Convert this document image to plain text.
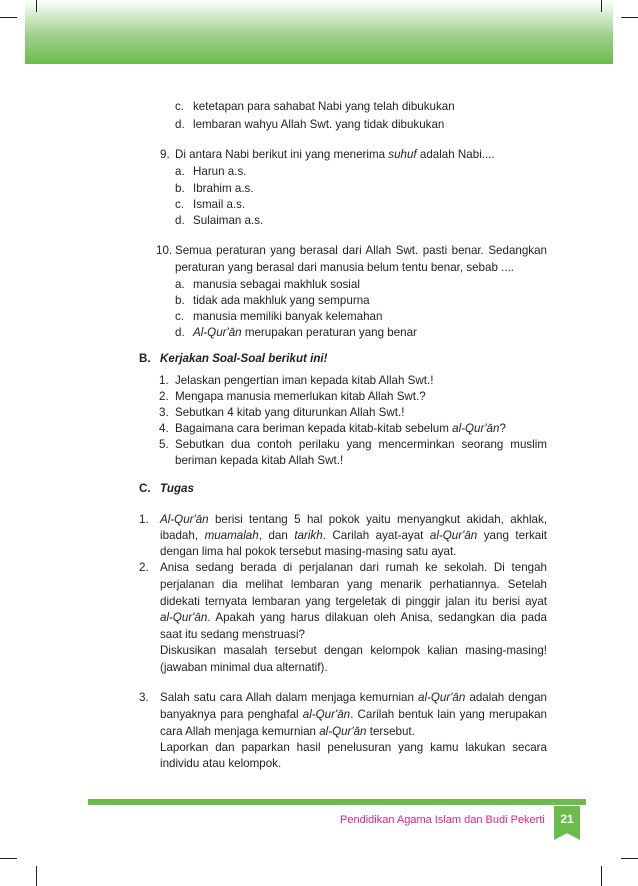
c. ketetapan para sahabat Nabi yang telah dibukukan
d. lembaran wahyu Allah Swt. yang tidak dibukukan
9. Di antara Nabi berikut ini yang menerima suhuf adalah Nabi....
a. Harun a.s.
b. Ibrahim a.s.
c. Ismail a.s.
d. Sulaiman a.s.
10. Semua peraturan yang berasal dari Allah Swt. pasti benar. Sedangkan
peraturan yang berasal dari manusia belum tentu benar, sebab ....
a. manusia sebagai makhluk sosial
b. tidak ada makhluk yang sempurna
c. manusia memiliki banyak kelemahan
d. Al-Qur'ān merupakan peraturan yang benar
B. Kerjakan Soal-Soal berikut ini!
1. Jelaskan pengertian iman kepada kitab Allah Swt.!
2. Mengapa manusia memerlukan kitab Allah Swt.?
3. Sebutkan 4 kitab yang diturunkan Allah Swt.!
4. Bagaimana cara beriman kepada kitab-kitab sebelum al-Qur'ān?
5. Sebutkan dua contoh perilaku yang mencerminkan seorang muslim
beriman kepada kitab Allah Swt.!
C. Tugas
1. Al-Qur'ān berisi tentang 5 hal pokok yaitu menyangkut akidah, akhlak,
ibadah, muamalah, dan tarikh. Carilah ayat-ayat al-Qur'ān yang terkait
dengan lima hal pokok tersebut masing-masing satu ayat.
2. Anisa sedang berada di perjalanan dari rumah ke sekolah. Di tengah
perjalanan dia melihat lembaran yang menarik perhatiannya. Setelah
didekati ternyata lembaran yang tergeletak di pinggir jalan itu berisi ayat
al-Qur'ān. Apakah yang harus dilakuan oleh Anisa, sedangkan dia pada
saat itu sedang menstruasi?
Diskusikan masalah tersebut dengan kelompok kalian masing-masing!
(jawaban minimal dua alternatif).
3. Salah satu cara Allah dalam menjaga kemurnian al-Qur'ān adalah dengan
banyaknya para penghafal al-Qur'ān. Carilah bentuk lain yang merupakan
cara Allah menjaga kemurnian al-Qur'ān tersebut.
Laporkan dan paparkan hasil penelusuran yang kamu lakukan secara
individu atau kelompok.
Pendidikan Agama Islam dan Budi Pekerti	21
